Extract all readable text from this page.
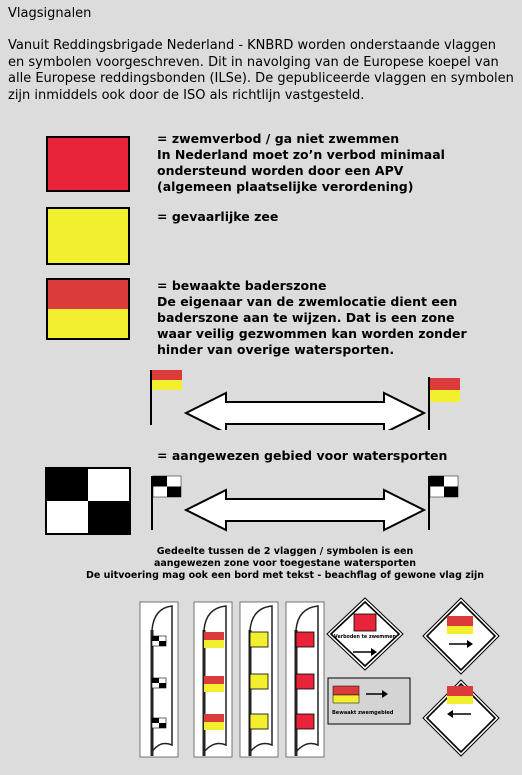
Vlagsignalen
Vanuit Reddingsbrigade Nederland - KNBRD worden onderstaande vlaggen en symbolen voorgeschreven. Dit in navolging van de Europese koepel van alle Europese reddingsbonden (ILSe). De gepubliceerde vlaggen en symbolen zijn inmiddels ook door de ISO als richtlijn vastgesteld.
= zwemverbod / ga niet zwemmen
In Nederland moet zo’n verbod minimaal
ondersteund worden door een APV
(algemeen plaatselijke verordening)
= gevaarlijke zee
= bewaakte baderszone
De eigenaar van de zwemlocatie dient een
baderszone aan te wijzen. Dat is een zone
waar veilig gezwommen kan worden zonder
hinder van overige watersporten.
= aangewezen gebied voor watersporten
Gedeelte tussen de 2 vlaggen / symbolen is een
aangewezen zone voor toegestane watersporten
De uitvoering mag ook een bord met tekst - beachflag of gewone vlag zijn
Verboden te zwemmen
Bewaakt zwemgebied
